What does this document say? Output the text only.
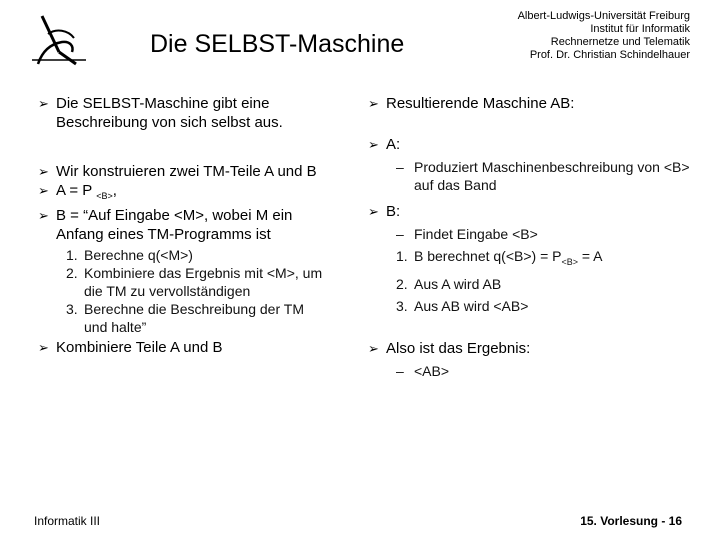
Die SELBST-Maschine
Albert-Ludwigs-Universität Freiburg
Institut für Informatik
Rechnernetze und Telematik
Prof. Dr. Christian Schindelhauer
➢ Die SELBST-Maschine gibt eine Beschreibung von sich selbst aus.
➢ Wir konstruieren zwei TM-Teile A und B
➢ A = P $_{<B>}$,
➢ B = “Auf Eingabe <M>, wobei M ein Anfang eines TM-Programms ist
1. Berechne q(<M>)
2. Kombiniere das Ergebnis mit <M>, um die TM zu vervollständigen
3. Berechne die Beschreibung der TM und halte”
➢ Kombiniere Teile A und B
➢ Resultierende Maschine AB:
➢ A:
– Produziert Maschinenbeschreibung von <B> auf das Band
➢ B:
– Findet Eingabe <B>
1. B berechnet $q(<B>) = P_{<B>} = A$
2. Aus A wird AB
3. Aus AB wird <AB>
➢ Also ist das Ergebnis:
– <AB>
Informatik III	15. Vorlesung - 16
